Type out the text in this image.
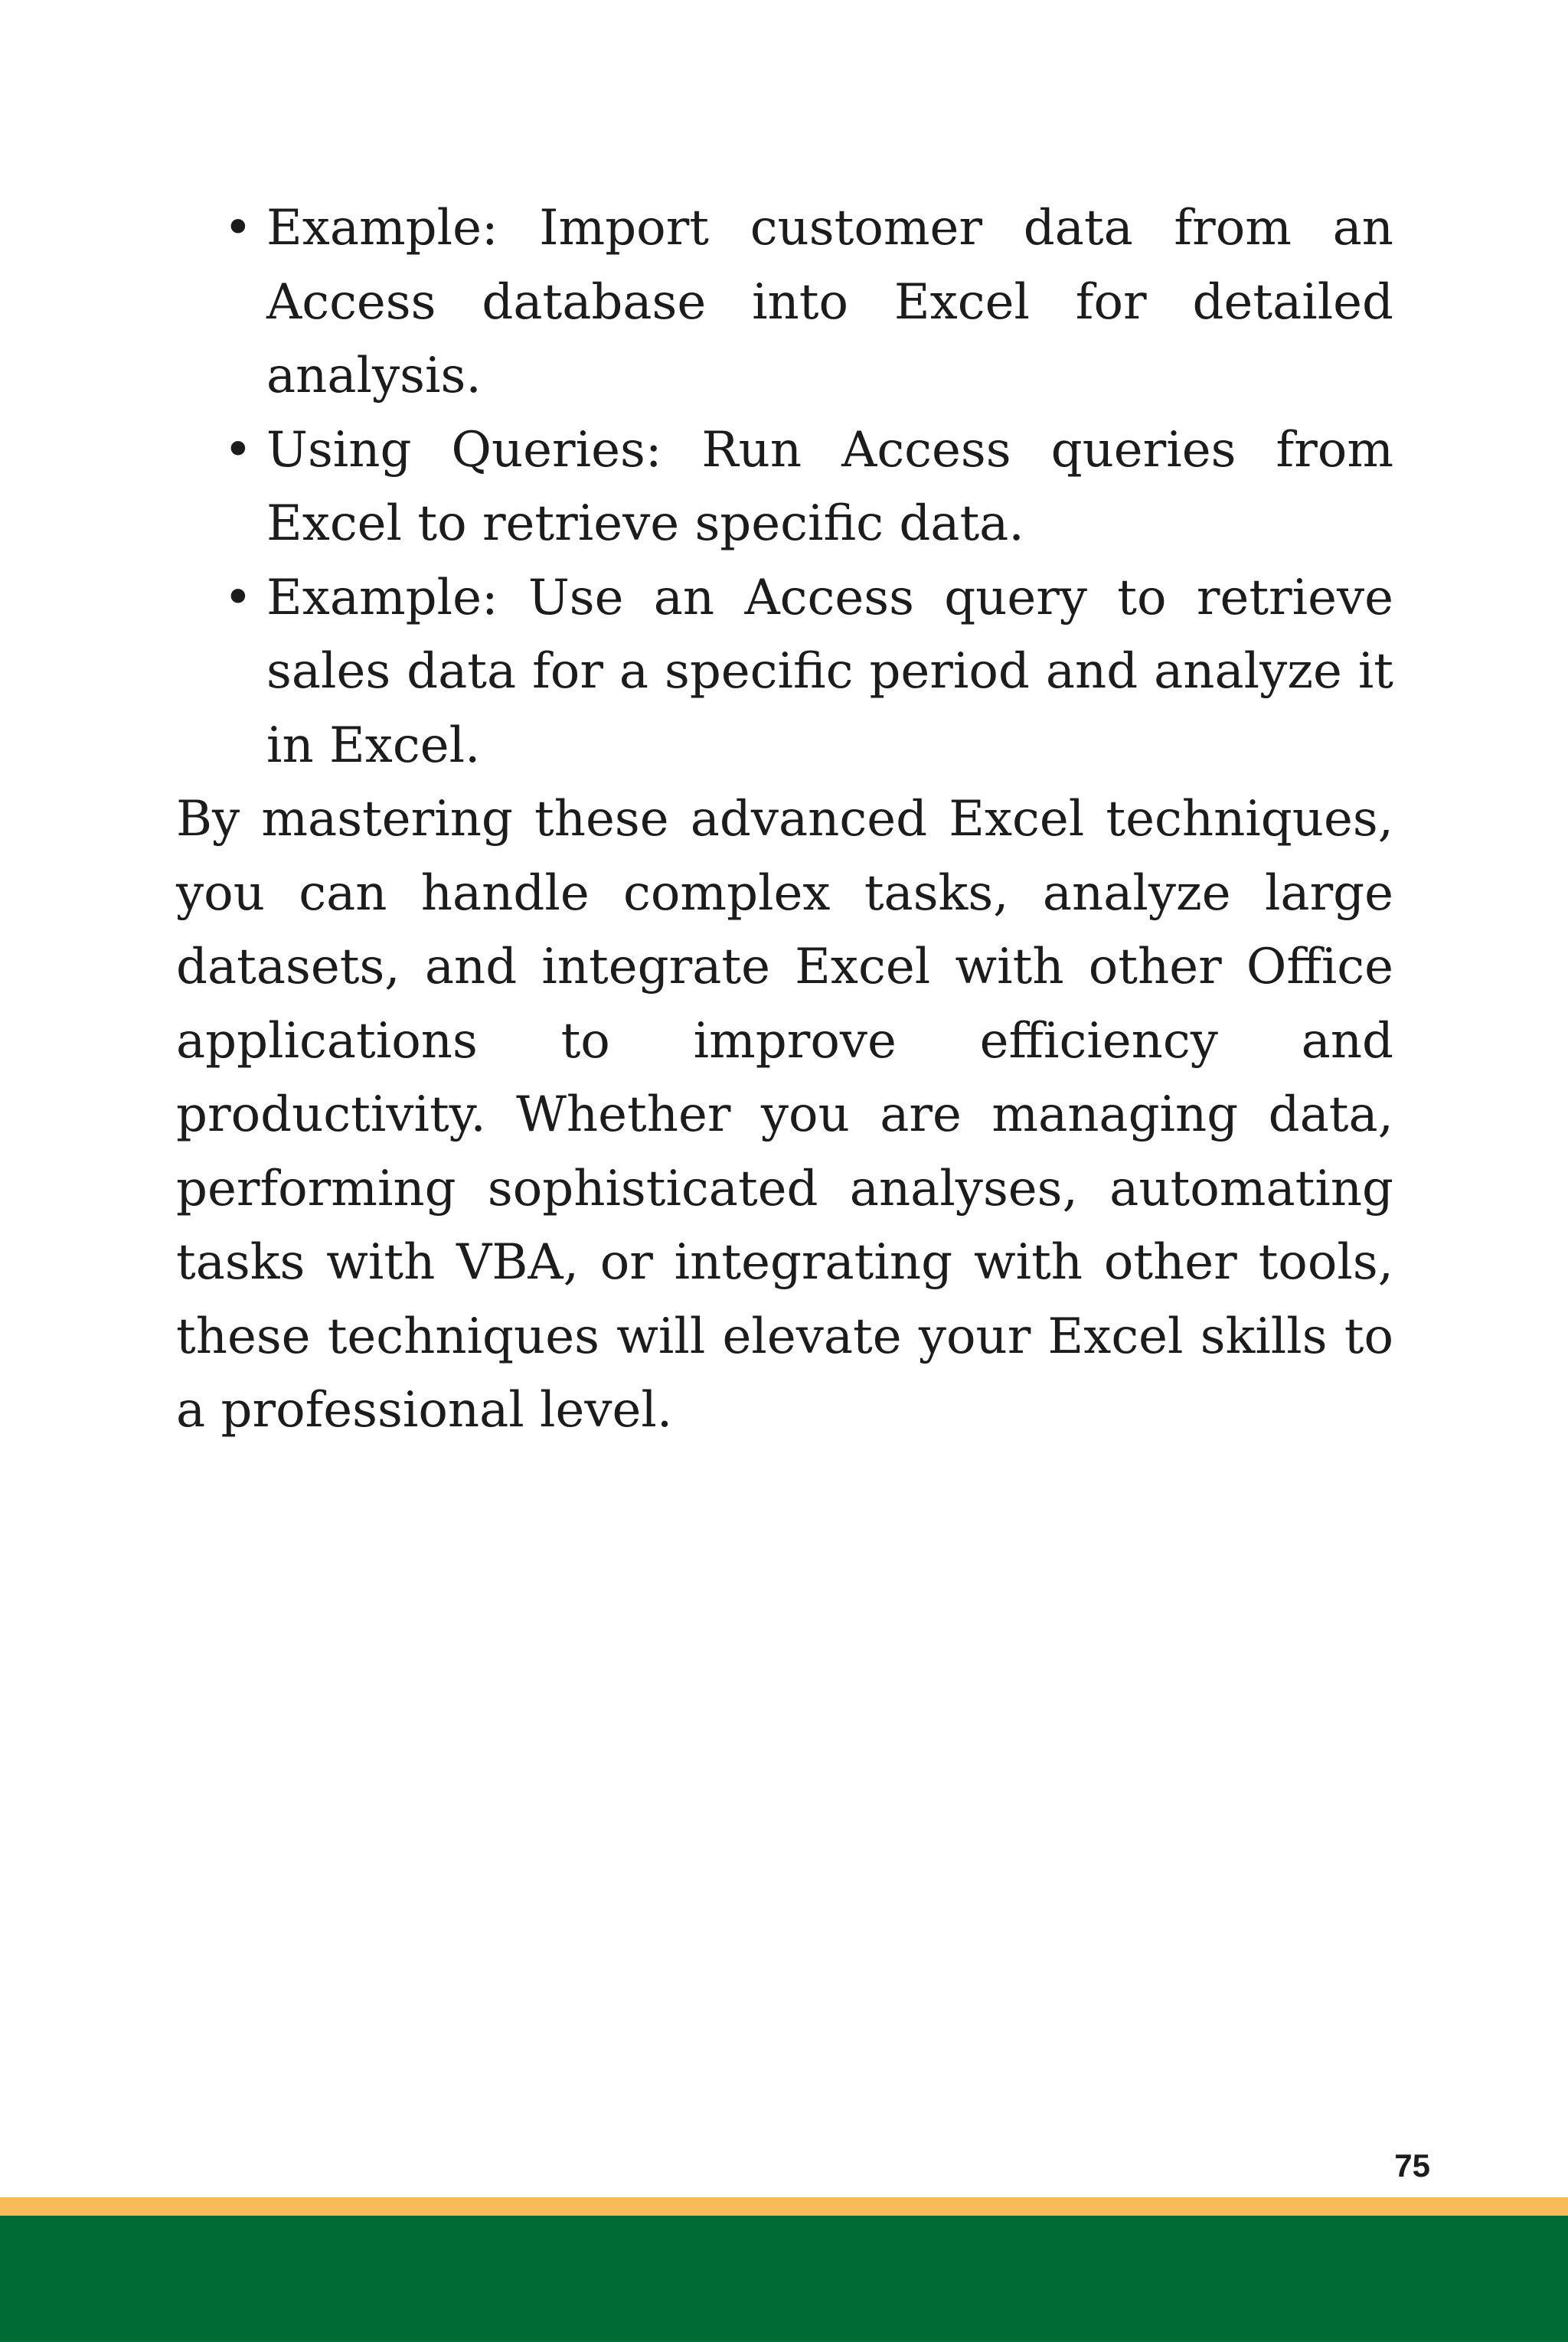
• Example: Import customer data from an Access database into Excel for detailed analysis.
• Using Queries: Run Access queries from Excel to retrieve specific data.
• Example: Use an Access query to retrieve sales data for a specific period and analyze it in Excel.

By mastering these advanced Excel techniques, you can handle complex tasks, analyze large datasets, and integrate Excel with other Office applications to improve efficiency and productivity. Whether you are managing data, performing sophisticated analyses, automating tasks with VBA, or integrating with other tools, these techniques will elevate your Excel skills to a professional level.

75
